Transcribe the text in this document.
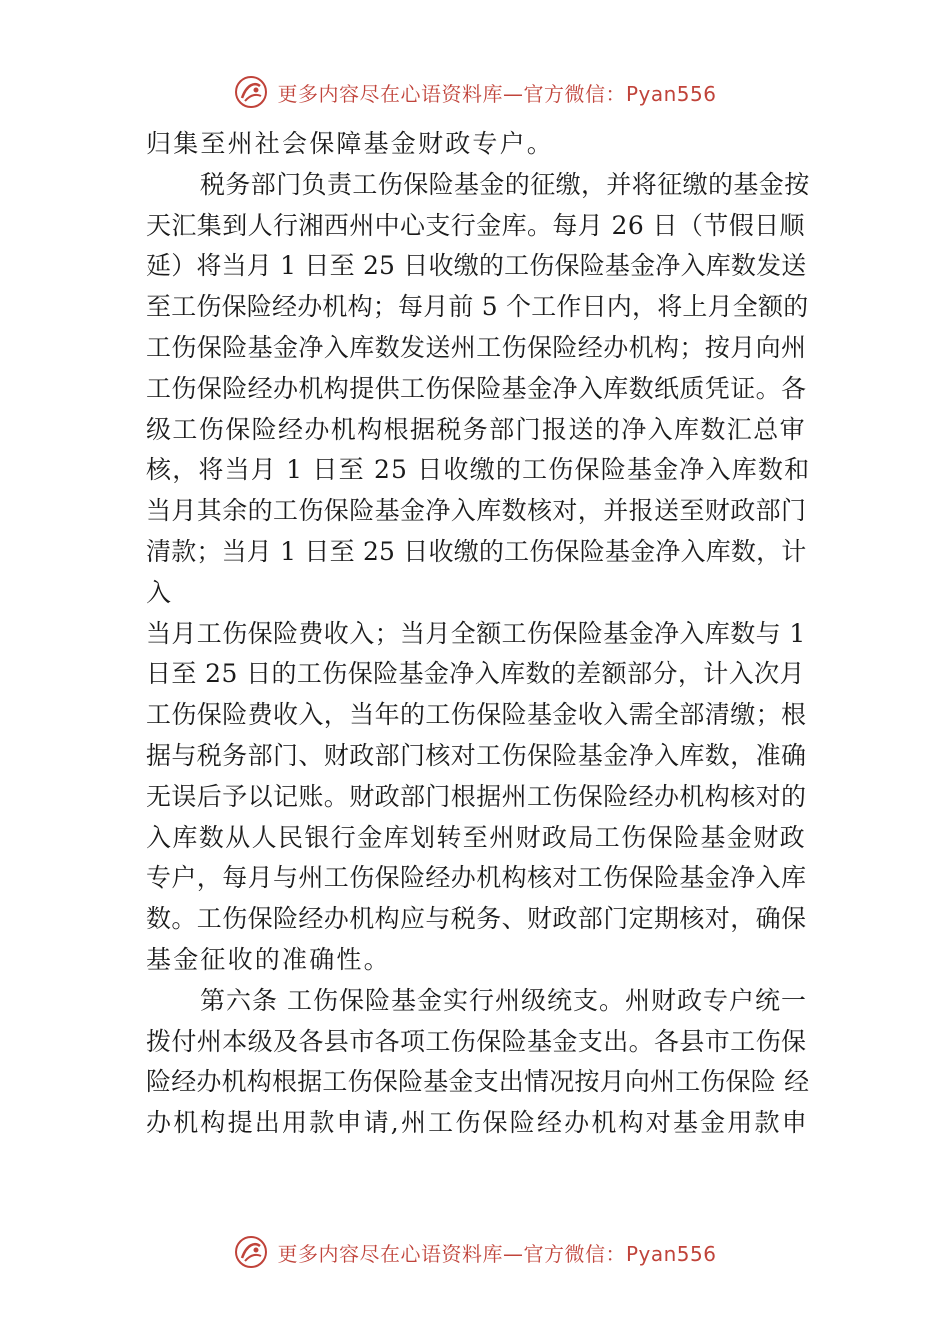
更多内容尽在心语资料库—官方微信：Pyan556
归集至州社会保障基金财政专户。
税务部门负责工伤保险基金的征缴，并将征缴的基金按
天汇集到人行湘西州中心支行金库。每月 26 日（节假日顺
延）将当月 1 日至 25 日收缴的工伤保险基金净入库数发送
至工伤保险经办机构；每月前 5 个工作日内，将上月全额的
工伤保险基金净入库数发送州工伤保险经办机构；按月向州
工伤保险经办机构提供工伤保险基金净入库数纸质凭证。各
级工伤保险经办机构根据税务部门报送的净入库数汇总审
核，将当月 1 日至 25 日收缴的工伤保险基金净入库数和
当月其余的工伤保险基金净入库数核对，并报送至财政部门
清款；当月 1 日至 25 日收缴的工伤保险基金净入库数，计
入
当月工伤保险费收入；当月全额工伤保险基金净入库数与 1
日至 25 日的工伤保险基金净入库数的差额部分，计入次月
工伤保险费收入，当年的工伤保险基金收入需全部清缴；根
据与税务部门、财政部门核对工伤保险基金净入库数，准确
无误后予以记账。财政部门根据州工伤保险经办机构核对的
入库数从人民银行金库划转至州财政局工伤保险基金财政
专户，每月与州工伤保险经办机构核对工伤保险基金净入库
数。工伤保险经办机构应与税务、财政部门定期核对，确保
基金征收的准确性。
第六条 工伤保险基金实行州级统支。州财政专户统一
拨付州本级及各县市各项工伤保险基金支出。各县市工伤保
险经办机构根据工伤保险基金支出情况按月向州工伤保险 经
办机构提出用款申请,州工伤保险经办机构对基金用款申
更多内容尽在心语资料库—官方微信：Pyan556
